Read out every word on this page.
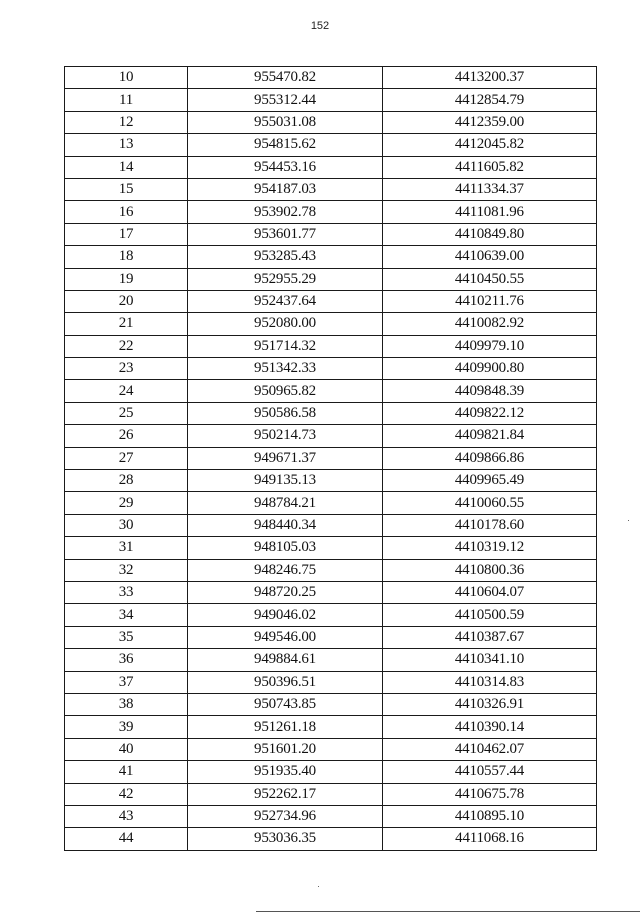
152
10	955470.82	4413200.37
11	955312.44	4412854.79
12	955031.08	4412359.00
13	954815.62	4412045.82
14	954453.16	4411605.82
15	954187.03	4411334.37
16	953902.78	4411081.96
17	953601.77	4410849.80
18	953285.43	4410639.00
19	952955.29	4410450.55
20	952437.64	4410211.76
21	952080.00	4410082.92
22	951714.32	4409979.10
23	951342.33	4409900.80
24	950965.82	4409848.39
25	950586.58	4409822.12
26	950214.73	4409821.84
27	949671.37	4409866.86
28	949135.13	4409965.49
29	948784.21	4410060.55
30	948440.34	4410178.60
31	948105.03	4410319.12
32	948246.75	4410800.36
33	948720.25	4410604.07
34	949046.02	4410500.59
35	949546.00	4410387.67
36	949884.61	4410341.10
37	950396.51	4410314.83
38	950743.85	4410326.91
39	951261.18	4410390.14
40	951601.20	4410462.07
41	951935.40	4410557.44
42	952262.17	4410675.78
43	952734.96	4410895.10
44	953036.35	4411068.16
